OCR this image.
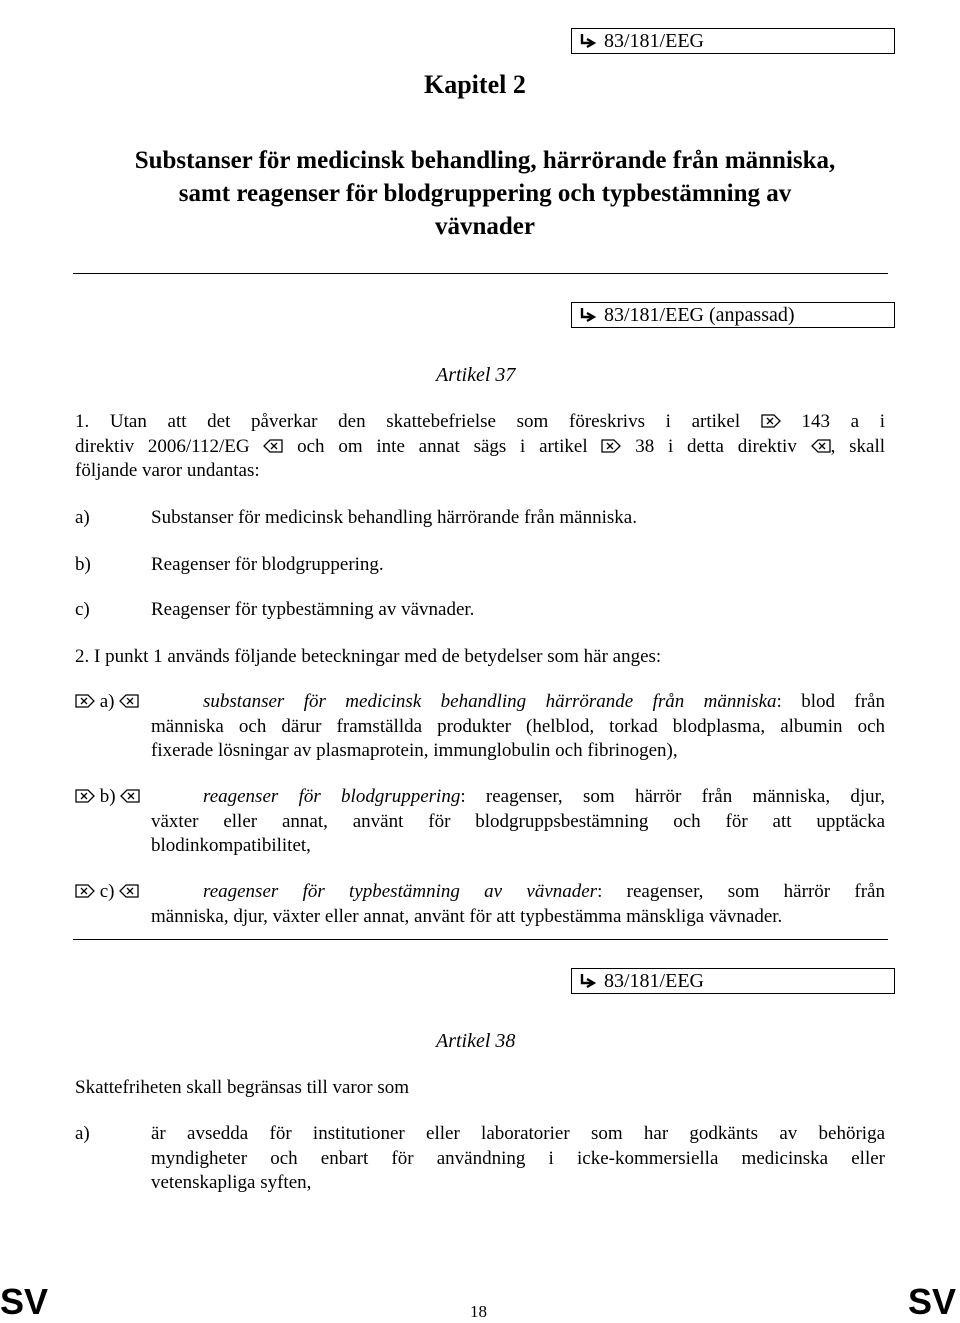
83/181/EEG
Kapitel 2
Substanser för medicinsk behandling, härrörande från människa,
samt reagenser för blodgruppering och typbestämning av
vävnader
83/181/EEG (anpassad)
Artikel 37
1. Utan att det påverkar den skattebefrielse som föreskrivs i artikel	143 a i
direktiv 2006/112/EG	och om inte annat sägs i artikel	38 i detta direktiv , skall
följande varor undantas:
a)	Substanser för medicinsk behandling härrörande från människa.
b)	Reagenser för blodgruppering.
c)	Reagenser för typbestämning av vävnader.
2. I punkt 1 används följande beteckningar med de betydelser som här anges:
a)	substanser för medicinsk behandling härrörande från människa: blod från
människa och därur framställda produkter (helblod, torkad blodplasma, albumin och
fixerade lösningar av plasmaprotein, immunglobulin och fibrinogen),
b)	reagenser för blodgruppering: reagenser, som härrör från människa, djur,
växter eller annat, använt för blodgruppsbestämning och för att upptäcka
blodinkompatibilitet,
c)	reagenser för typbestämning av vävnader: reagenser, som härrör från
människa, djur, växter eller annat, använt för att typbestämma mänskliga vävnader.
83/181/EEG
Artikel 38
Skattefriheten skall begränsas till varor som
a)	är avsedda för institutioner eller laboratorier som har godkänts av behöriga
myndigheter och enbart för användning i icke-kommersiella medicinska eller
vetenskapliga syften,
SV	18	SV
